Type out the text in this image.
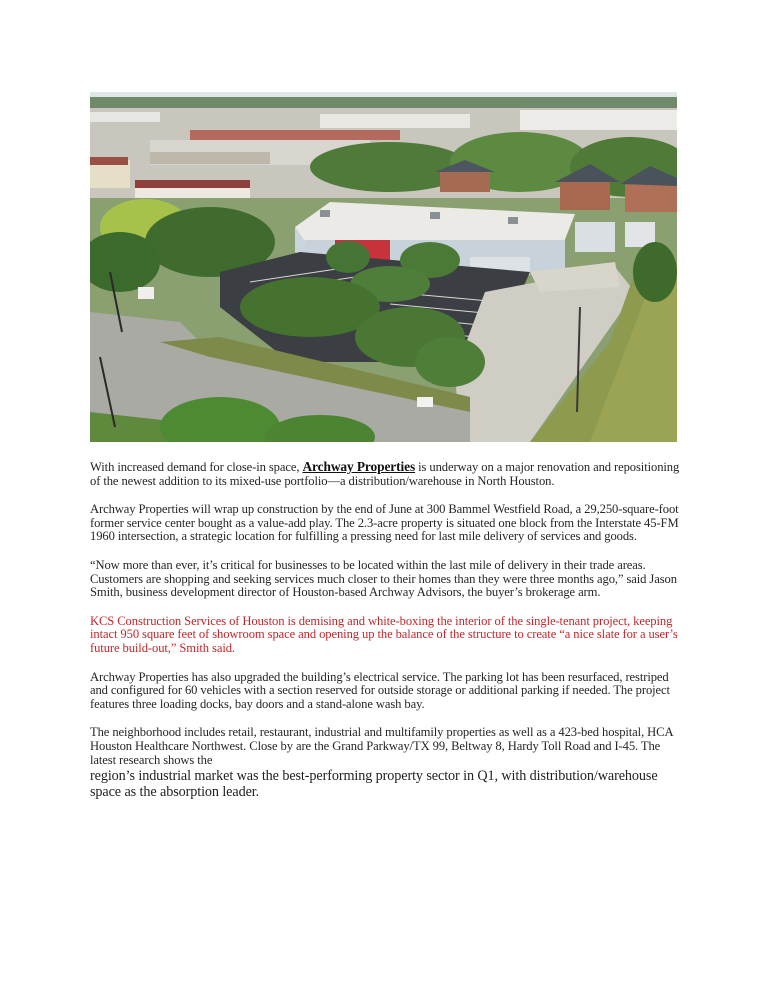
With increased demand for close-in space, Archway Properties is underway on a major renovation and repositioning of the newest addition to its mixed-use portfolio—a distribution/warehouse in North Houston.

Archway Properties will wrap up construction by the end of June at 300 Bammel Westfield Road, a 29,250-square-foot former service center bought as a value-add play. The 2.3-acre property is situated one block from the Interstate 45-FM 1960 intersection, a strategic location for fulfilling a pressing need for last mile delivery of services and goods.

“Now more than ever, it’s critical for businesses to be located within the last mile of delivery in their trade areas. Customers are shopping and seeking services much closer to their homes than they were three months ago,” said Jason Smith, business development director of Houston-based Archway Advisors, the buyer’s brokerage arm.

KCS Construction Services of Houston is demising and white-boxing the interior of the single-tenant project, keeping intact 950 square feet of showroom space and opening up the balance of the structure to create “a nice slate for a user’s future build-out,” Smith said.

Archway Properties has also upgraded the building’s electrical service. The parking lot has been resurfaced, restriped and configured for 60 vehicles with a section reserved for outside storage or additional parking if needed. The project features three loading docks, bay doors and a stand-alone wash bay.

The neighborhood includes retail, restaurant, industrial and multifamily properties as well as a 423-bed hospital, HCA Houston Healthcare Northwest. Close by are the Grand Parkway/TX 99, Beltway 8, Hardy Toll Road and I-45. The latest research shows the
region’s industrial market was the best-performing property sector in Q1, with distribution/warehouse space as the absorption leader.
